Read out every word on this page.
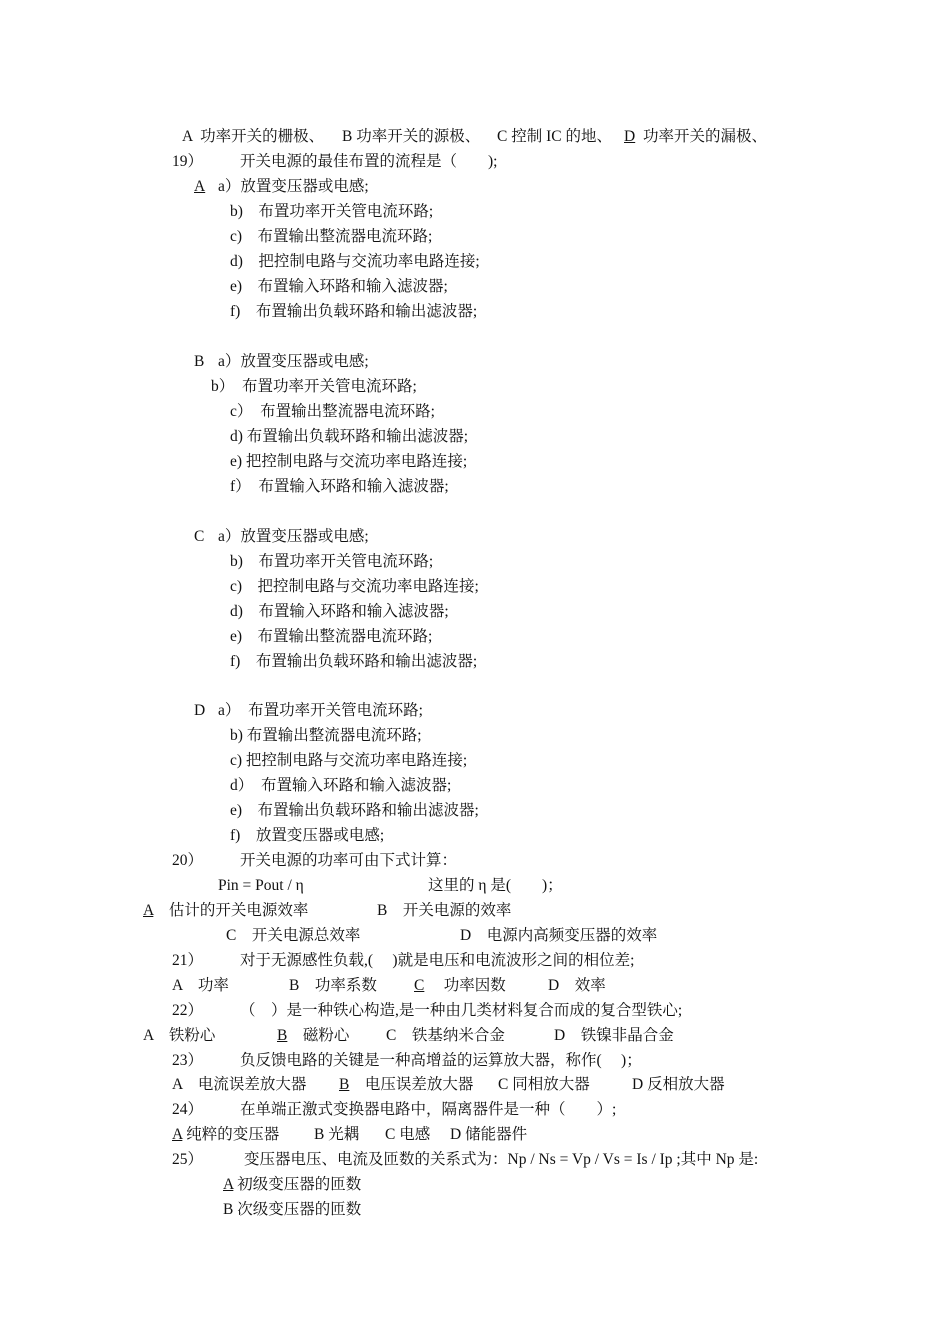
A 功率开关的栅极、 B 功率开关的源极、 C 控制 IC 的地、 D 功率开关的漏极、
19） 开关电源的最佳布置的流程是（　　);
A a）放置变压器或电感;
b)　布置功率开关管电流环路;
c)　布置输出整流器电流环路;
d)　把控制电路与交流功率电路连接;
e)　布置输入环路和输入滤波器;
f)　布置输出负载环路和输出滤波器;
B a）放置变压器或电感;
b）  布置功率开关管电流环路;
c）  布置输出整流器电流环路;
d) 布置输出负载环路和输出滤波器;
e) 把控制电路与交流功率电路连接;
f）  布置输入环路和输入滤波器;
C a）放置变压器或电感;
b)　布置功率开关管电流环路;
c)　把控制电路与交流功率电路连接;
d)　布置输入环路和输入滤波器;
e)　布置输出整流器电流环路;
f)　布置输出负载环路和输出滤波器;
D a）  布置功率开关管电流环路;
b) 布置输出整流器电流环路;
c) 把控制电路与交流功率电路连接;
d）  布置输入环路和输入滤波器;
e)　布置输出负载环路和输出滤波器;
f)　放置变压器或电感;
20） 开关电源的功率可由下式计算：
Pin = Pout / η	这里的 η 是(　　)；
A　 估计的开关电源效率	B　开关电源的效率
C　开关电源总效率	D　电源内高频变压器的效率
21） 对于无源感性负载,(　 )就是电压和电流波形之间的相位差;
A　功率	B　功率系数 C　 功率因数	D　效率
22） （　）是一种铁心构造,是一种由几类材料复合而成的复合型铁心;
A　铁粉心	B　 磁粉心 C　铁基纳米合金	D　铁镍非晶合金
23） 负反馈电路的关键是一种高增益的运算放大器，称作(　 )；
A　电流误差放大器 B　 电压误差放大器 C 同相放大器	D 反相放大器
24） 在单端正激式变换器电路中，隔离器件是一种（　　）;
A 纯粹的变压器 B 光耦 C 电感 D 储能器件
25）	变压器电压、电流及匝数的关系式为：Np / Ns = Vp / Vs = Is / Ip ;其中 Np 是:
A 初级变压器的匝数
B 次级变压器的匝数
